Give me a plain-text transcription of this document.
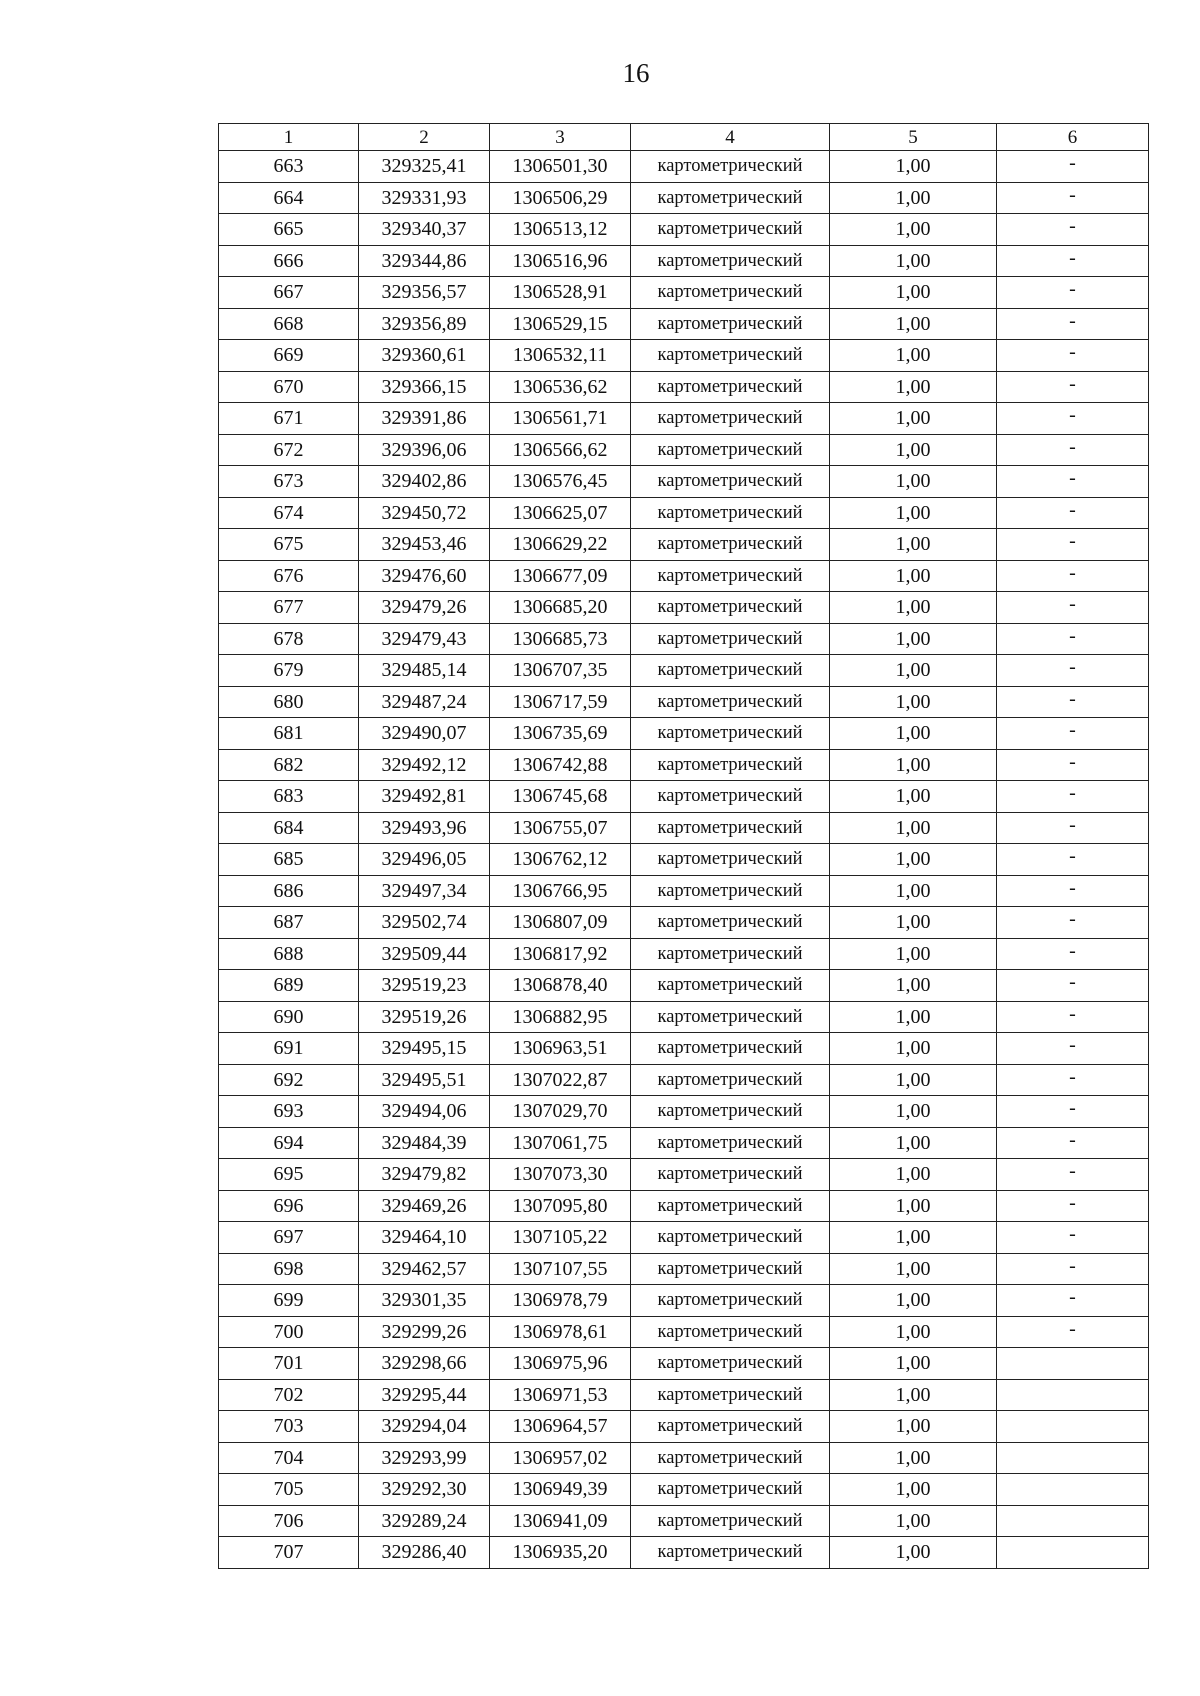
16
1	2	3	4	5	6
663	329325,41	1306501,30	картометрический	1,00	-
664	329331,93	1306506,29	картометрический	1,00	-
665	329340,37	1306513,12	картометрический	1,00	-
666	329344,86	1306516,96	картометрический	1,00	-
667	329356,57	1306528,91	картометрический	1,00	-
668	329356,89	1306529,15	картометрический	1,00	-
669	329360,61	1306532,11	картометрический	1,00	-
670	329366,15	1306536,62	картометрический	1,00	-
671	329391,86	1306561,71	картометрический	1,00	-
672	329396,06	1306566,62	картометрический	1,00	-
673	329402,86	1306576,45	картометрический	1,00	-
674	329450,72	1306625,07	картометрический	1,00	-
675	329453,46	1306629,22	картометрический	1,00	-
676	329476,60	1306677,09	картометрический	1,00	-
677	329479,26	1306685,20	картометрический	1,00	-
678	329479,43	1306685,73	картометрический	1,00	-
679	329485,14	1306707,35	картометрический	1,00	-
680	329487,24	1306717,59	картометрический	1,00	-
681	329490,07	1306735,69	картометрический	1,00	-
682	329492,12	1306742,88	картометрический	1,00	-
683	329492,81	1306745,68	картометрический	1,00	-
684	329493,96	1306755,07	картометрический	1,00	-
685	329496,05	1306762,12	картометрический	1,00	-
686	329497,34	1306766,95	картометрический	1,00	-
687	329502,74	1306807,09	картометрический	1,00	-
688	329509,44	1306817,92	картометрический	1,00	-
689	329519,23	1306878,40	картометрический	1,00	-
690	329519,26	1306882,95	картометрический	1,00	-
691	329495,15	1306963,51	картометрический	1,00	-
692	329495,51	1307022,87	картометрический	1,00	-
693	329494,06	1307029,70	картометрический	1,00	-
694	329484,39	1307061,75	картометрический	1,00	-
695	329479,82	1307073,30	картометрический	1,00	-
696	329469,26	1307095,80	картометрический	1,00	-
697	329464,10	1307105,22	картометрический	1,00	-
698	329462,57	1307107,55	картометрический	1,00	-
699	329301,35	1306978,79	картометрический	1,00	-
700	329299,26	1306978,61	картометрический	1,00	-
701	329298,66	1306975,96	картометрический	1,00	
702	329295,44	1306971,53	картометрический	1,00	
703	329294,04	1306964,57	картометрический	1,00	
704	329293,99	1306957,02	картометрический	1,00	
705	329292,30	1306949,39	картометрический	1,00	
706	329289,24	1306941,09	картометрический	1,00	
707	329286,40	1306935,20	картометрический	1,00	
